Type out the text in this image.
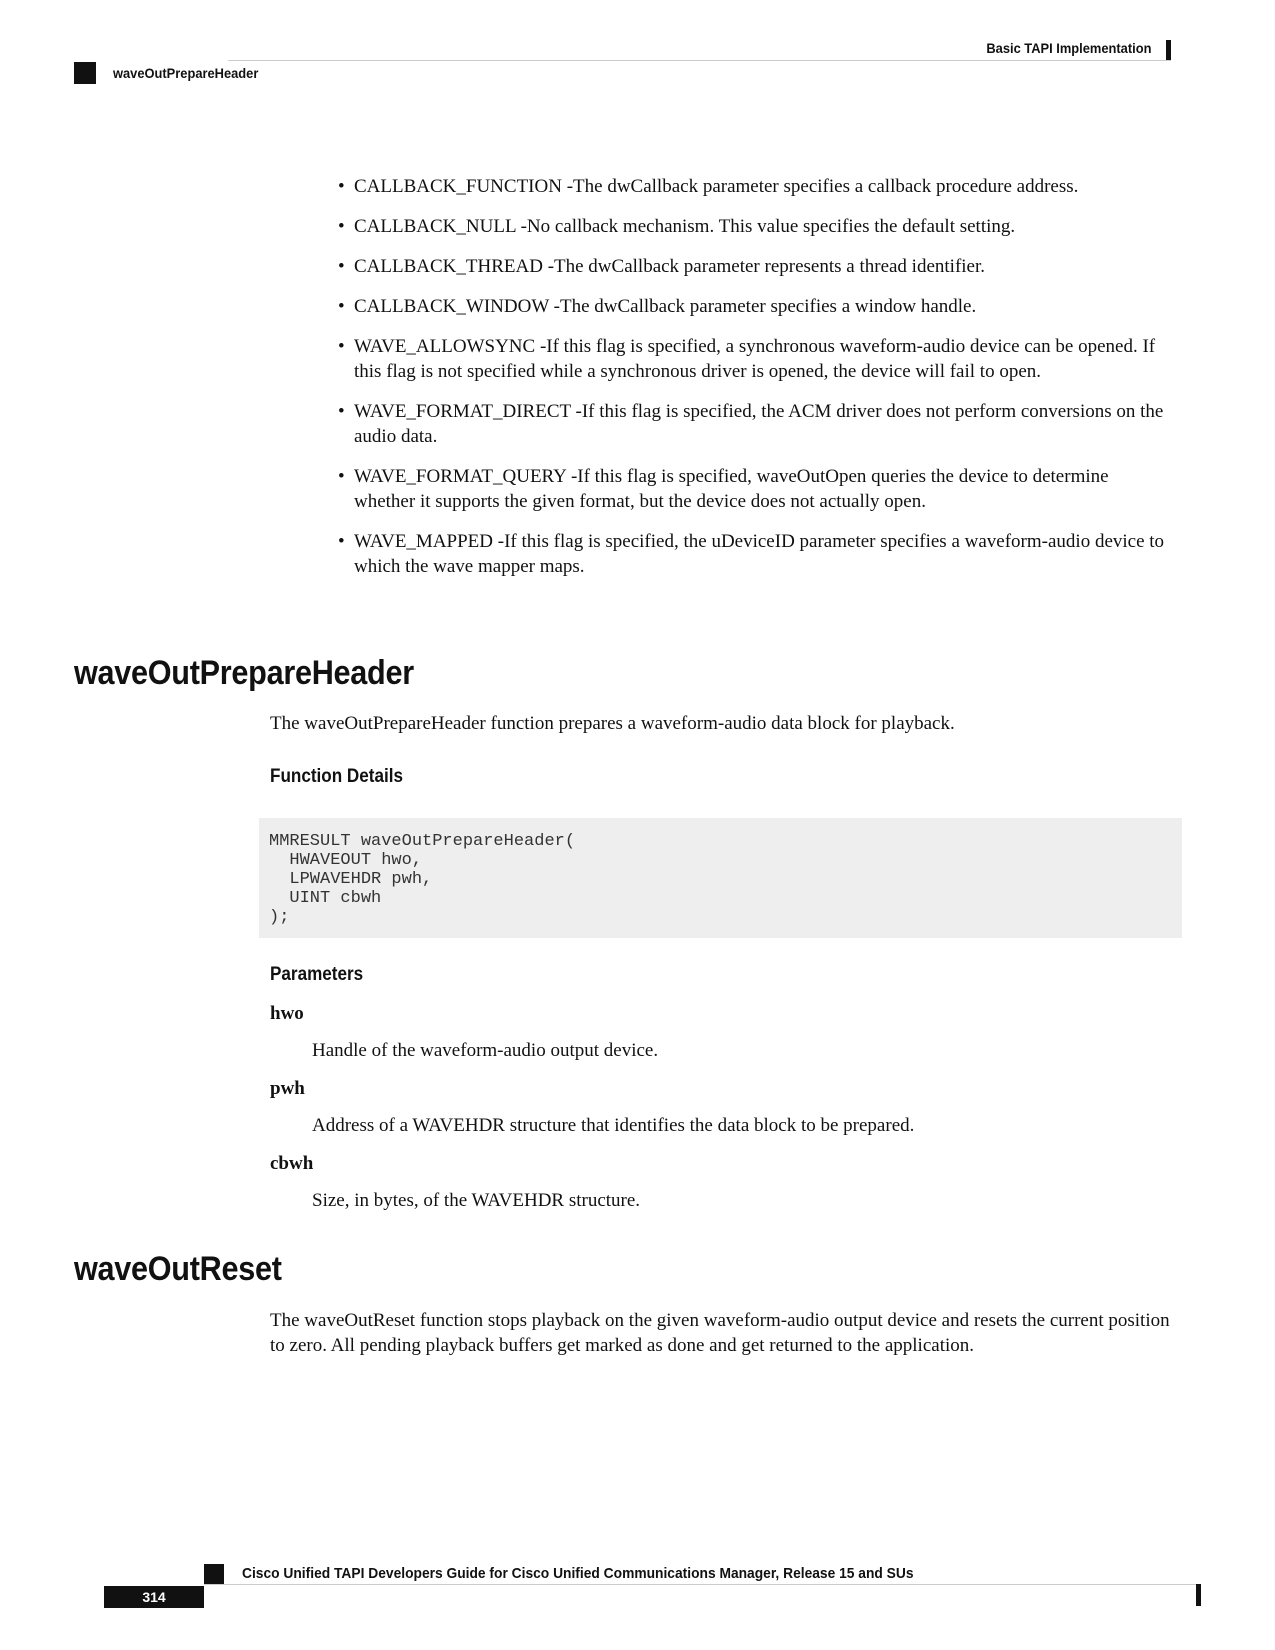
Basic TAPI Implementation
waveOutPrepareHeader
• CALLBACK_FUNCTION -The dwCallback parameter specifies a callback procedure address.
• CALLBACK_NULL -No callback mechanism. This value specifies the default setting.
• CALLBACK_THREAD -The dwCallback parameter represents a thread identifier.
• CALLBACK_WINDOW -The dwCallback parameter specifies a window handle.
• WAVE_ALLOWSYNC -If this flag is specified, a synchronous waveform-audio device can be opened. If this flag is not specified while a synchronous driver is opened, the device will fail to open.
• WAVE_FORMAT_DIRECT -If this flag is specified, the ACM driver does not perform conversions on the audio data.
• WAVE_FORMAT_QUERY -If this flag is specified, waveOutOpen queries the device to determine whether it supports the given format, but the device does not actually open.
• WAVE_MAPPED -If this flag is specified, the uDeviceID parameter specifies a waveform-audio device to which the wave mapper maps.
waveOutPrepareHeader

The waveOutPrepareHeader function prepares a waveform-audio data block for playback.

Function Details
MMRESULT waveOutPrepareHeader(
HWAVEOUT hwo,
LPWAVEHDR pwh,
UINT cbwh
);
Parameters

hwo

Handle of the waveform-audio output device.

pwh

Address of a WAVEHDR structure that identifies the data block to be prepared.

cbwh

Size, in bytes, of the WAVEHDR structure.

waveOutReset

The waveOutReset function stops playback on the given waveform-audio output device and resets the current position to zero. All pending playback buffers get marked as done and get returned to the application.

Cisco Unified TAPI Developers Guide for Cisco Unified Communications Manager, Release 15 and SUs
314
